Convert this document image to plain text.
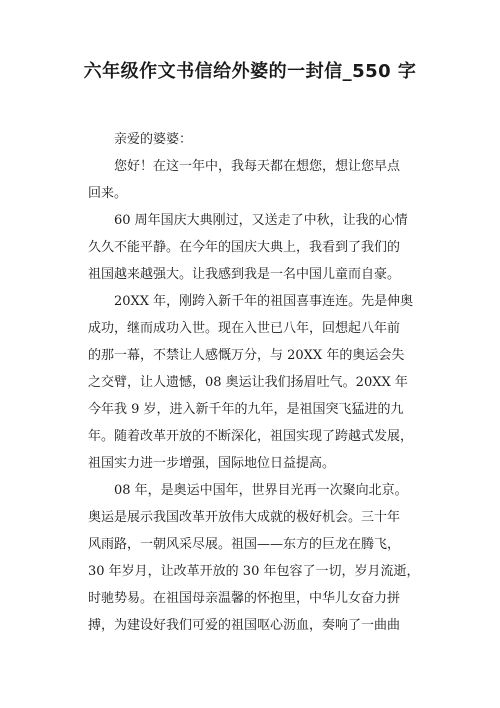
六年级作文书信给外婆的一封信_550 字
亲爱的婆婆：
您好！在这一年中，我每天都在想您，想让您早点
回来。
60 周年国庆大典刚过，又送走了中秋，让我的心情
久久不能平静。在今年的国庆大典上，我看到了我们的
祖国越来越强大。让我感到我是一名中国儿童而自豪。
20XX 年，刚跨入新千年的祖国喜事连连。先是伸奥
成功，继而成功入世。现在入世已八年，回想起八年前
的那一幕，不禁让人感慨万分，与 20XX 年的奥运会失
之交臂，让人遗憾，08 奥运让我们扬眉吐气。20XX 年
今年我 9 岁，进入新千年的九年，是祖国突飞猛进的九
年。随着改革开放的不断深化，祖国实现了跨越式发展，
祖国实力进一步增强，国际地位日益提高。
08 年，是奥运中国年，世界目光再一次聚向北京。
奥运是展示我国改革开放伟大成就的极好机会。三十年
风雨路，一朝风采尽展。祖国——东方的巨龙在腾飞，
30 年岁月，让改革开放的 30 年包容了一切，岁月流逝，
时驰势易。在祖国母亲温馨的怀抱里，中华儿女奋力拼
搏，为建设好我们可爱的祖国呕心沥血，奏响了一曲曲
